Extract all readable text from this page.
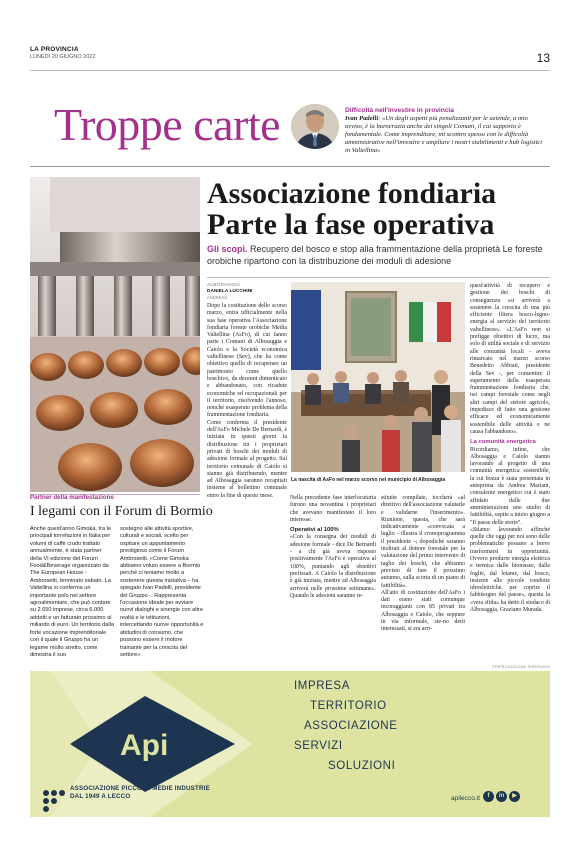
LA PROVINCIA
LUNEDÌ 20 GIUGNO 2022	13
Troppe carte	Difficoltà nell'investire in provincia
Ivan Padelli: «Un degli aspetti più penalizzanti per le aziende, a mio avviso, è la burocrazia anche dei singoli Comuni, il cui supporto è fondamentale. Come imprenditore, mi scontro spesso con le difficoltà amministrative nell'investire e ampliare i nostri stabilimenti e hub logistici in Valtellina»
Partner della manifestazione
I legami con il Forum di Bormio
Anche quest'anno Gimoka, tra le principali torrefazioni in Italia per volumi di caffè crudo trattato annualmente, è stata partner della VI edizione del Forum Food&Beverage organizzato da The European House - Ambrosetti, terminato sabato. La Valtellina si conferma un importante polo nel settore agroalimentare, che può contare su 2.650 imprese, circa 6.000 addetti e un fatturato prossimo al miliardo di euro. Un territorio dalla forte vocazione imprenditoriale con il quale il Gruppo ha un legame molto stretto, come dimostra il suo
sostegno alle attività sportive, culturali e sociali, scelto per ospitare un appuntamento prestigioso come il Forum Ambrosetti. «Come Gimoka abbiamo voluto essere a Bormio perché ci teniamo molto a sostenere questa iniziativa – ha spiegato Ivan Padelli, presidente del Gruppo -. Rappresenta l'occasione ideale per avviare nuovi dialoghi e sinergie con altre realtà e le istituzioni, intercettando nuove opportunità e abitudini di consumo, che possono essere il motore trainante per la crescita del settore».
Associazione fondiaria
Parte la fase operativa
Gli scopi. Recupero del bosco e stop alla frammentazione della proprietà Le foreste orobiche ripartono con la distribuzione dei moduli di adesione
ALBOSAGGIA
DANIELA LUCCHINI
ANDREAS
Dopo la costituzione dello scorso marzo, entra ufficialmente nella sua fase operativa l'Associazione fondiaria foreste orobiche Media Valtellina (AsFo), di cui fanno parte i Comuni di Albosaggia e Caiolo e la Società economica valtellinese (Sev), che ha come obiettivo quello di recuperare un patrimonio come quello boschivo, da decenni dimenticato e abbandonato, con ricadute economiche ed occupazionali per il territorio, risolvendo l'annoso, nonché esasperato problema della frammentazione fondiaria.
Come conferma il presidente dell'AsFo Michele De Bernardi, è iniziata in questi giorni la distribuzione tra i proprietari privati di boschi dei moduli di adesione formale al progetto. Sul territorio comunale di Caiolo si stanno già distribuendo, mentre ad Albosaggia saranno recapitati insieme al bollettino comunale entro la fine di questo mese.
La nascita di AsFo nel marzo scorso nel municipio di Albosaggia
Nella precedente fase interlocutoria furono una novantina i proprietari che avevano manifestato il loro interesse.
Operativi al 100%
«Con la consegna dei moduli di adesione formale - dice De Bernardi - a chi già aveva risposto positivamente l'AsFo è operativa al 100%, puntando agli obiettivi prefissati. A Caiolo la distribuzione è già iniziata, mentre ad Albosaggia arriverà nelle prossime settimane». Quando le adesioni saranno re-
stituite compilate, toccherà «al direttivo dell'associazione valutarle e validarne l'inserimento». Riunione, questa, che sarà indicativamente «convocata a luglio - illustra il cronoprogramma il presidente -; dopodiché saranno inoltrati al dottore forestale per la valutazione del primo intervento di taglio dei boschi, che abbiamo previsto di fare il prossimo autunno, sulla scorta di un piano di fattibilità».
All'atto di costituzione dell'AsFo i dati erano stati comunque incoraggianti con 85 privati tra Albosaggia e Caiolo, che seppure in via informale, ste-no detti interessati, si era arri-
quest'attività di recupero e gestione dei boschi di conseguenza «si arriverà a sostenere la crescita di una più efficiente filiera bosco-legno-energia al servizio del territorio valtellinese». «L'AsFo non si prefigge obiettivi di lucro, ma solo di utilità sociale e di servizio alle comunità locali - aveva rimarcato nel marzo scorso Benedetto Abbiati, presidente della Sev -, per consentire il superamento della esasperata frammentazione fondiaria che, nei campi forestale come negli altri campi del settore agricolo, impedisce di fatto una gestione efficace ed economicamente sostenibile delle attività e ne causa l'abbandono».
La comunità energetica
Ricordiamo, infine, che Albosaggia e Caiolo stanno lavorando al progetto di una comunità energetica sostenibile, la cui bozza è stata presentata in anteprima da Andrea Mariani, consulente energetico cui è stato affidato dalle due amministrazioni uno studio di fattibilità, ospite a inizio giugno a "Il paese delle storie".
«Stiamo lavorando affinché quelle che oggi per noi sono delle problematiche possano a breve trasformarsi in opportunità. Ovvero produrre energia elettrica e termica dalle biomasse, dalle foglie, dal letame, dal bosco, insieme alle piccole condotte idroelettriche, per coprire il fabbisogno del paese», questa la «vera sfida» ha detto il sindaco di Albosaggia, Graziano Murada.
©RIPRODUZIONE RISERVATA
Api
IMPRESA
TERRITORIO
ASSOCIAZIONE
SERVIZI
SOLUZIONI
ASSOCIAZIONE PICCOLE MEDIE INDUSTRIE
DAL 1949 A LECCO	apilecco.it	f	in	▶
